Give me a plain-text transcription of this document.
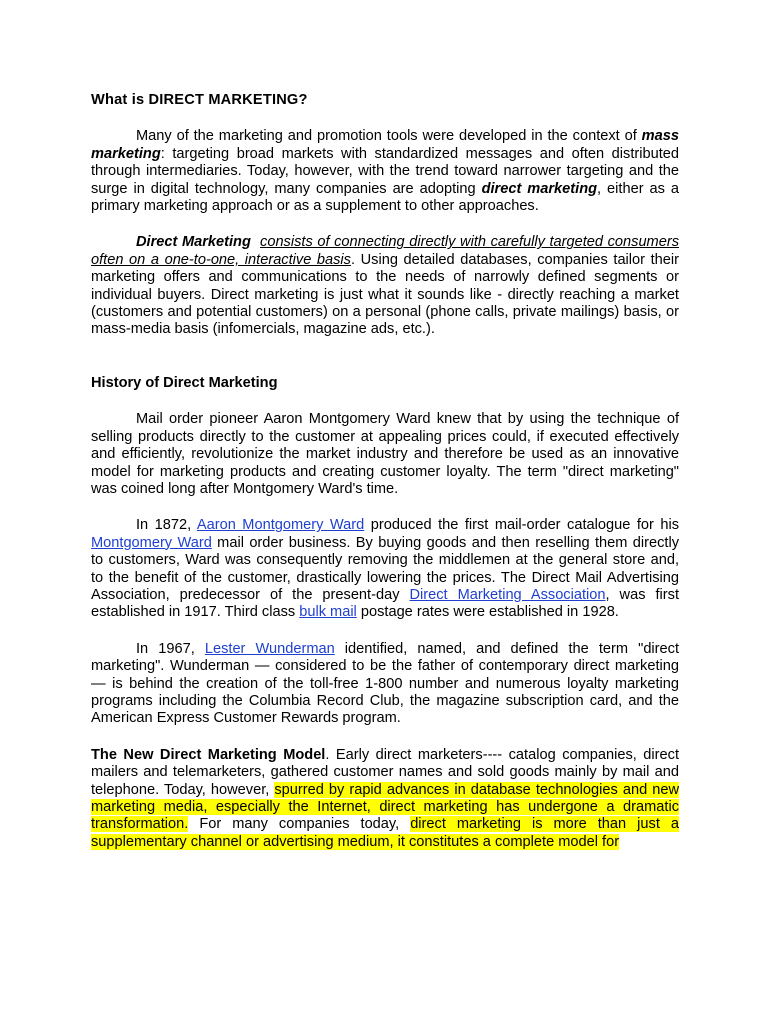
What is DIRECT MARKETING?

Many of the marketing and promotion tools were developed in the context of mass marketing: targeting broad markets with standardized messages and often distributed through intermediaries. Today, however, with the trend toward narrower targeting and the surge in digital technology, many companies are adopting direct marketing, either as a primary marketing approach or as a supplement to other approaches.

Direct Marketing consists of connecting directly with carefully targeted consumers often on a one-to-one, interactive basis. Using detailed databases, companies tailor their marketing offers and communications to the needs of narrowly defined segments or individual buyers. Direct marketing is just what it sounds like - directly reaching a market (customers and potential customers) on a personal (phone calls, private mailings) basis, or mass-media basis (infomercials, magazine ads, etc.).

History of Direct Marketing

Mail order pioneer Aaron Montgomery Ward knew that by using the technique of selling products directly to the customer at appealing prices could, if executed effectively and efficiently, revolutionize the market industry and therefore be used as an innovative model for marketing products and creating customer loyalty. The term "direct marketing" was coined long after Montgomery Ward's time.

In 1872, Aaron Montgomery Ward produced the first mail-order catalogue for his Montgomery Ward mail order business. By buying goods and then reselling them directly to customers, Ward was consequently removing the middlemen at the general store and, to the benefit of the customer, drastically lowering the prices. The Direct Mail Advertising Association, predecessor of the present-day Direct Marketing Association, was first established in 1917. Third class bulk mail postage rates were established in 1928.

In 1967, Lester Wunderman identified, named, and defined the term "direct marketing". Wunderman — considered to be the father of contemporary direct marketing — is behind the creation of the toll-free 1-800 number and numerous loyalty marketing programs including the Columbia Record Club, the magazine subscription card, and the American Express Customer Rewards program.

The New Direct Marketing Model. Early direct marketers---- catalog companies, direct mailers and telemarketers, gathered customer names and sold goods mainly by mail and telephone. Today, however, spurred by rapid advances in database technologies and new marketing media, especially the Internet, direct marketing has undergone a dramatic transformation. For many companies today, direct marketing is more than just a supplementary channel or advertising medium, it constitutes a complete model for
